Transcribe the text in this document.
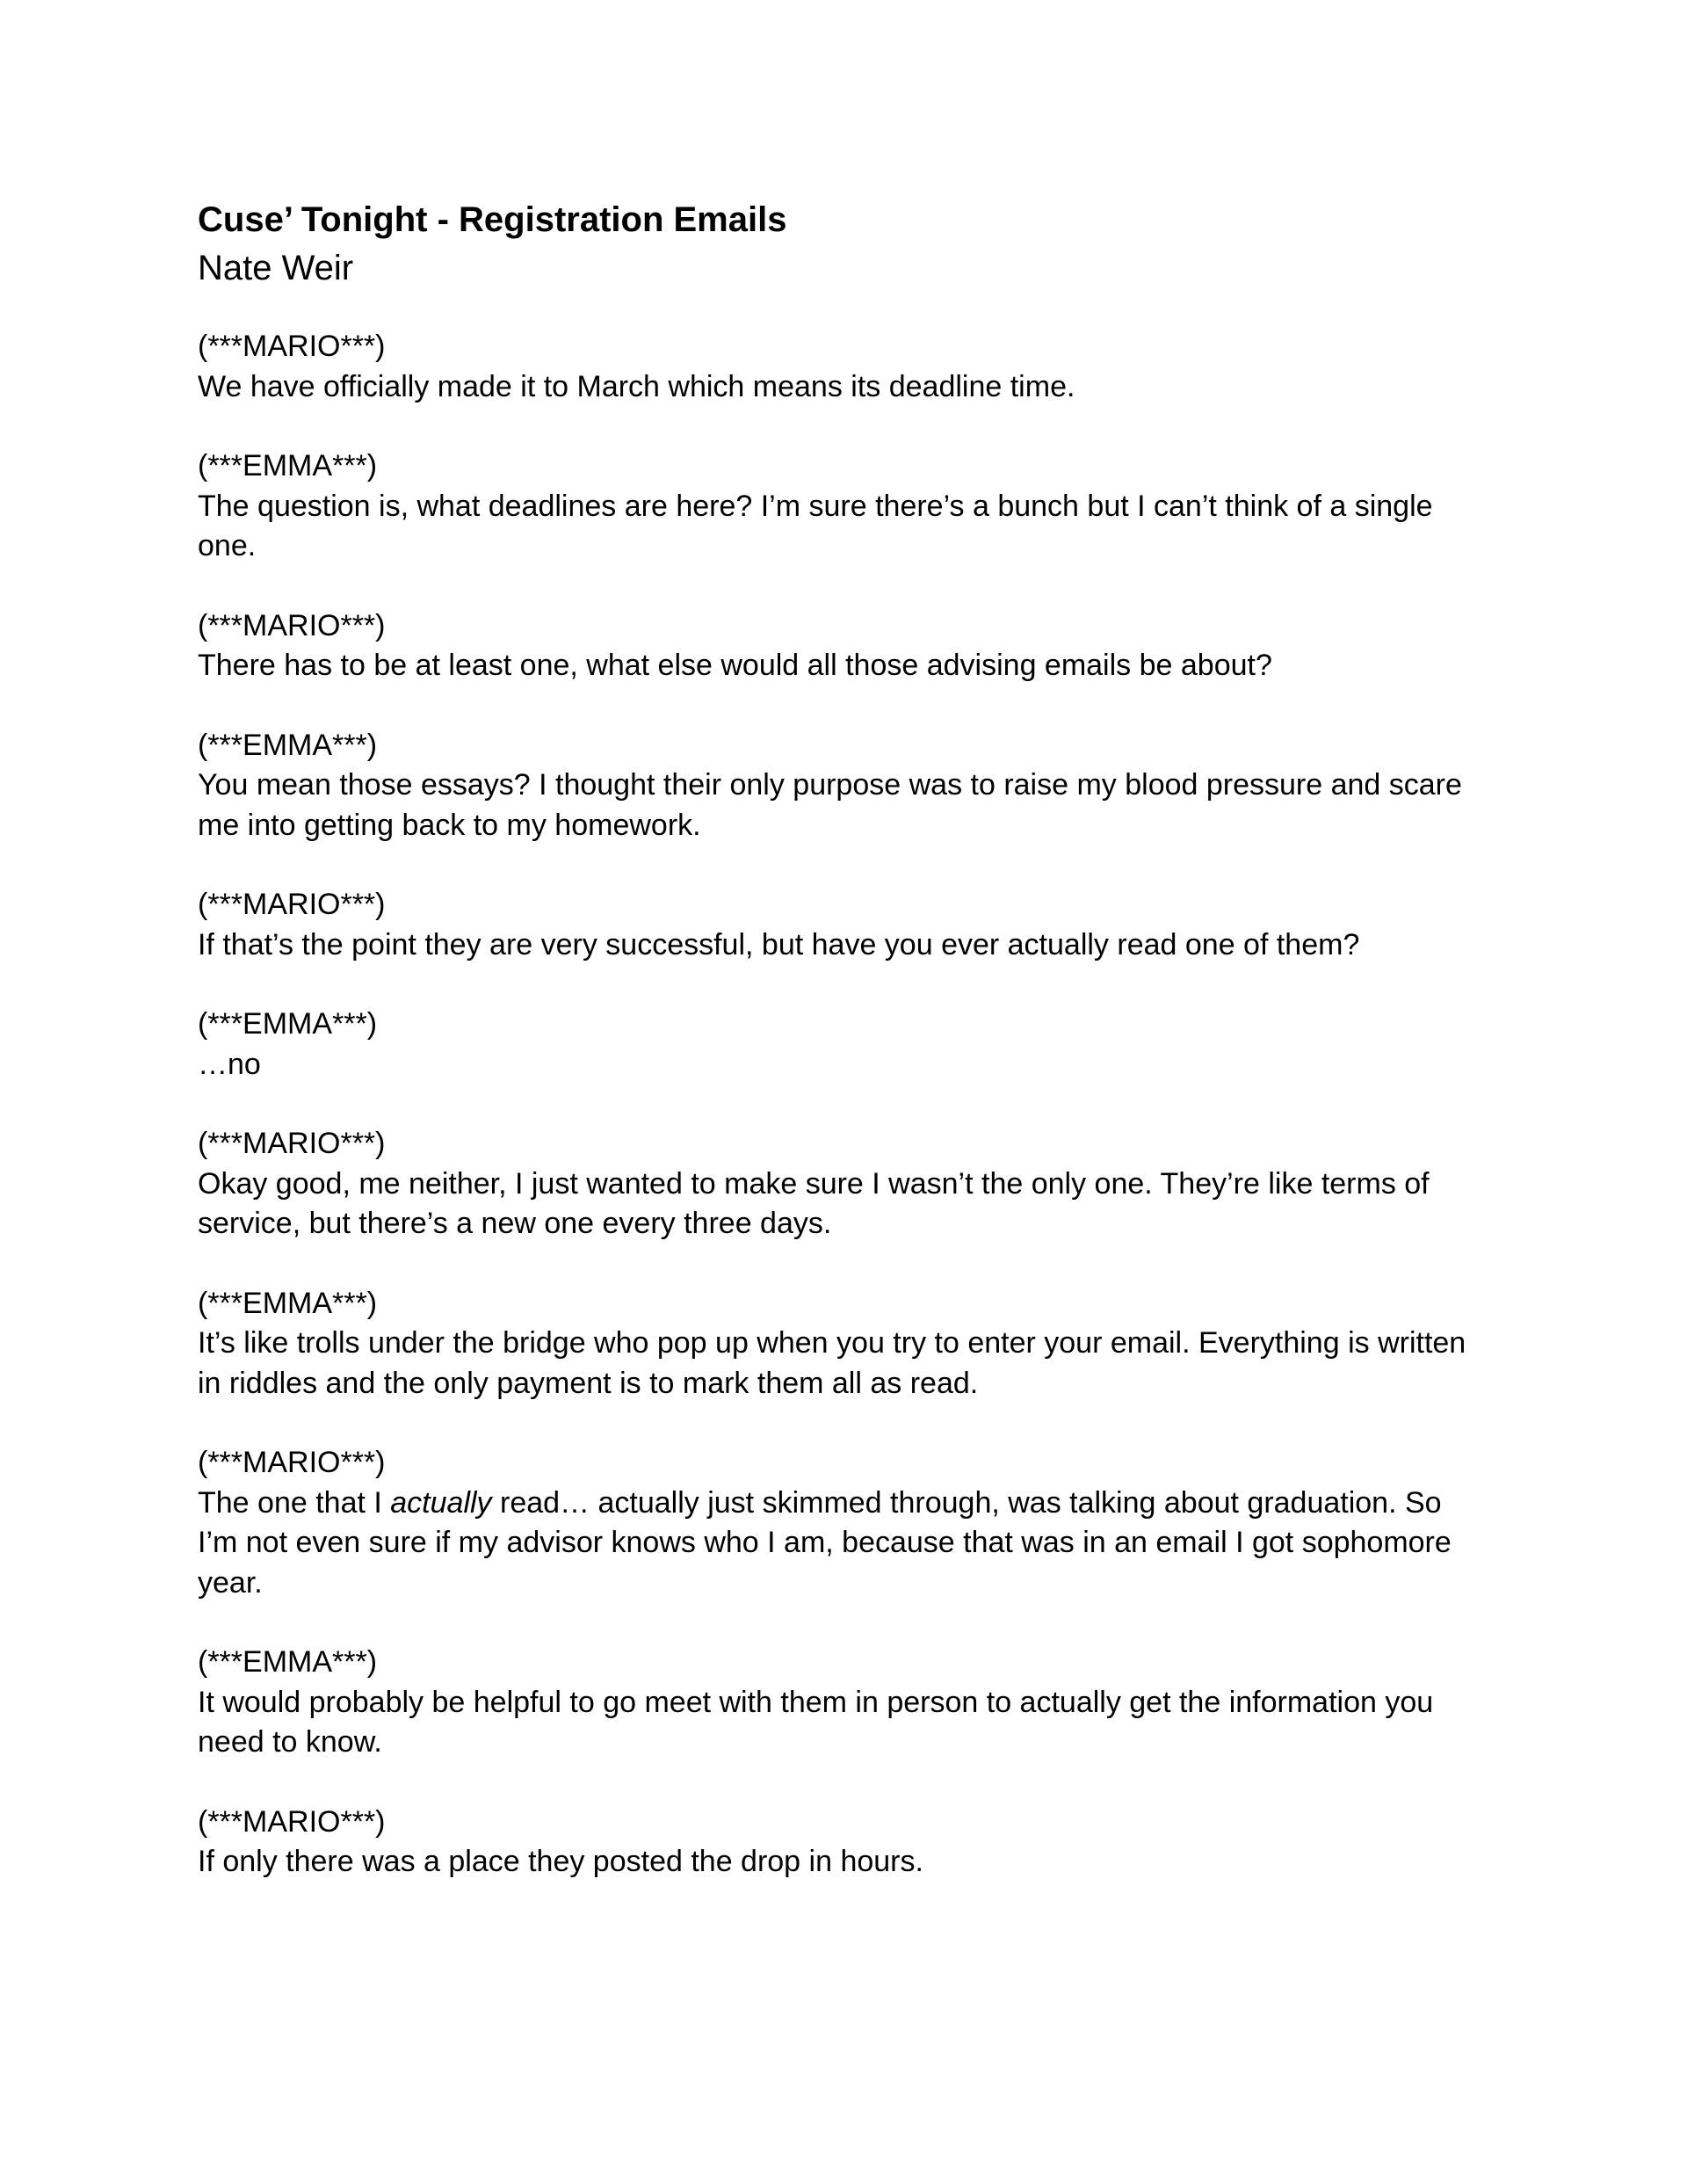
Cuse’ Tonight - Registration Emails

Nate Weir

(***MARIO***)

We have officially made it to March which means its deadline time.

(***EMMA***)

The question is, what deadlines are here? I’m sure there’s a bunch but I can’t think of a single one.

(***MARIO***)

There has to be at least one, what else would all those advising emails be about?

(***EMMA***)

You mean those essays? I thought their only purpose was to raise my blood pressure and scare me into getting back to my homework.

(***MARIO***)

If that’s the point they are very successful, but have you ever actually read one of them?

(***EMMA***)

…no

(***MARIO***)

Okay good, me neither, I just wanted to make sure I wasn’t the only one. They’re like terms of service, but there’s a new one every three days.

(***EMMA***)

It’s like trolls under the bridge who pop up when you try to enter your email. Everything is written in riddles and the only payment is to mark them all as read.

(***MARIO***)

The one that I actually read… actually just skimmed through, was talking about graduation. So I’m not even sure if my advisor knows who I am, because that was in an email I got sophomore year.

(***EMMA***)

It would probably be helpful to go meet with them in person to actually get the information you need to know.

(***MARIO***)

If only there was a place they posted the drop in hours.
